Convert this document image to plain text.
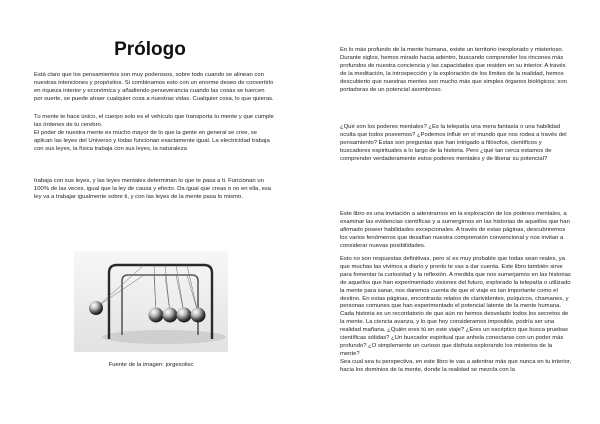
Prólogo

Está claro que los pensamientos son muy poderosos, sobre todo cuando se alinean con nuestras intenciones y propósitos. Si combinamos esto con un enorme deseo de convertirlo en riqueza interior y económica y añadiendo perseverancia cuando las cosas se tuercen por suerte, se puede atraer cualquier cosa a nuestras vidas. Cualquier cosa, lo que quieras.

Tu mente te hace único, el cuerpo solo es el vehículo que transporta tu mente y que cumple las órdenes de tu cerebro.

El poder de nuestra mente es mucho mayor de lo que la gente en general se cree, se aplican las leyes del Universo y todas funcionan exactamente igual. La electricidad trabaja con sus leyes, la física trabaja con sus leyes, la naturaleza

trabaja con sus leyes, y las leyes mentales determinan lo que te pasa a ti. Funcionan un 100% de las veces, igual que la ley de causa y efecto. Da igual que creas o no en ella, esa ley va a trabajar igualmente sobre ti, y con las leyes de la mente pasa lo mismo.

Fuente de la imagen: jorgesolisc

En lo más profundo de la mente humana, existe un territorio inexplorado y misterioso. Durante siglos, hemos mirado hacia adentro, buscando comprender los rincones más profundos de nuestra conciencia y las capacidades que residen en su interior. A través de la meditación, la introspección y la exploración de los límites de la realidad, hemos descubierto que nuestras mentes son mucho más que simples órganos biológicos; son portadoras de un potencial asombroso.

¿Qué son los poderes mentales? ¿Es la telepatía una mera fantasía o una habilidad oculta que todos poseemos? ¿Podemos influir en el mundo que nos rodea a través del pensamiento? Estas son preguntas que han intrigado a filósofos, científicos y buscadores espirituales a lo largo de la historia. Pero ¿qué tan cerca estamos de comprender verdaderamente estos poderes mentales y de liberar su potencial?

Este libro es una invitación a adentrarnos en la exploración de los poderes mentales, a examinar las evidencias científicas y a sumergirnos en las historias de aquellos que han afirmado poseer habilidades excepcionales. A través de estas páginas, descubriremos los varios fenómenos que desafían nuestra comprensión convencional y nos invitan a considerar nuevas posibilidades.

Esto no son respuestas definitivas, pero sí es muy probable que todas sean reales, ya que muchas las vivimos a diario y pronto te vas a dar cuenta. Este libro también sirve para fomentar la curiosidad y la reflexión. A medida que nos sumerjamos en las historias de aquellos que han experimentado visiones del futuro, explorado la telepatía o utilizado la mente para sanar, nos daremos cuenta de que el viaje es tan importante como el destino. En estas páginas, encontrarás relatos de clarividentes, psíquicos, chamanes, y personas comunes que han experimentado el potencial latente de la mente humana.

Cada historia es un recordatorio de que aún no hemos desvelado todos los secretos de la mente. La ciencia avanza, y lo que hoy consideramos imposible, podría ser una realidad mañana. ¿Quién eres tú en este viaje? ¿Eres un escéptico que busca pruebas científicas sólidas? ¿Un buscador espiritual que anhela conectarse con un poder más profundo? ¿O simplemente un curioso que disfruta explorando los misterios de la mente?

Sea cual sea tu perspectiva, en este libro te vas a adentrar más que nunca en tu interior, hacia los dominios de la mente, donde la realidad se mezcla con la
